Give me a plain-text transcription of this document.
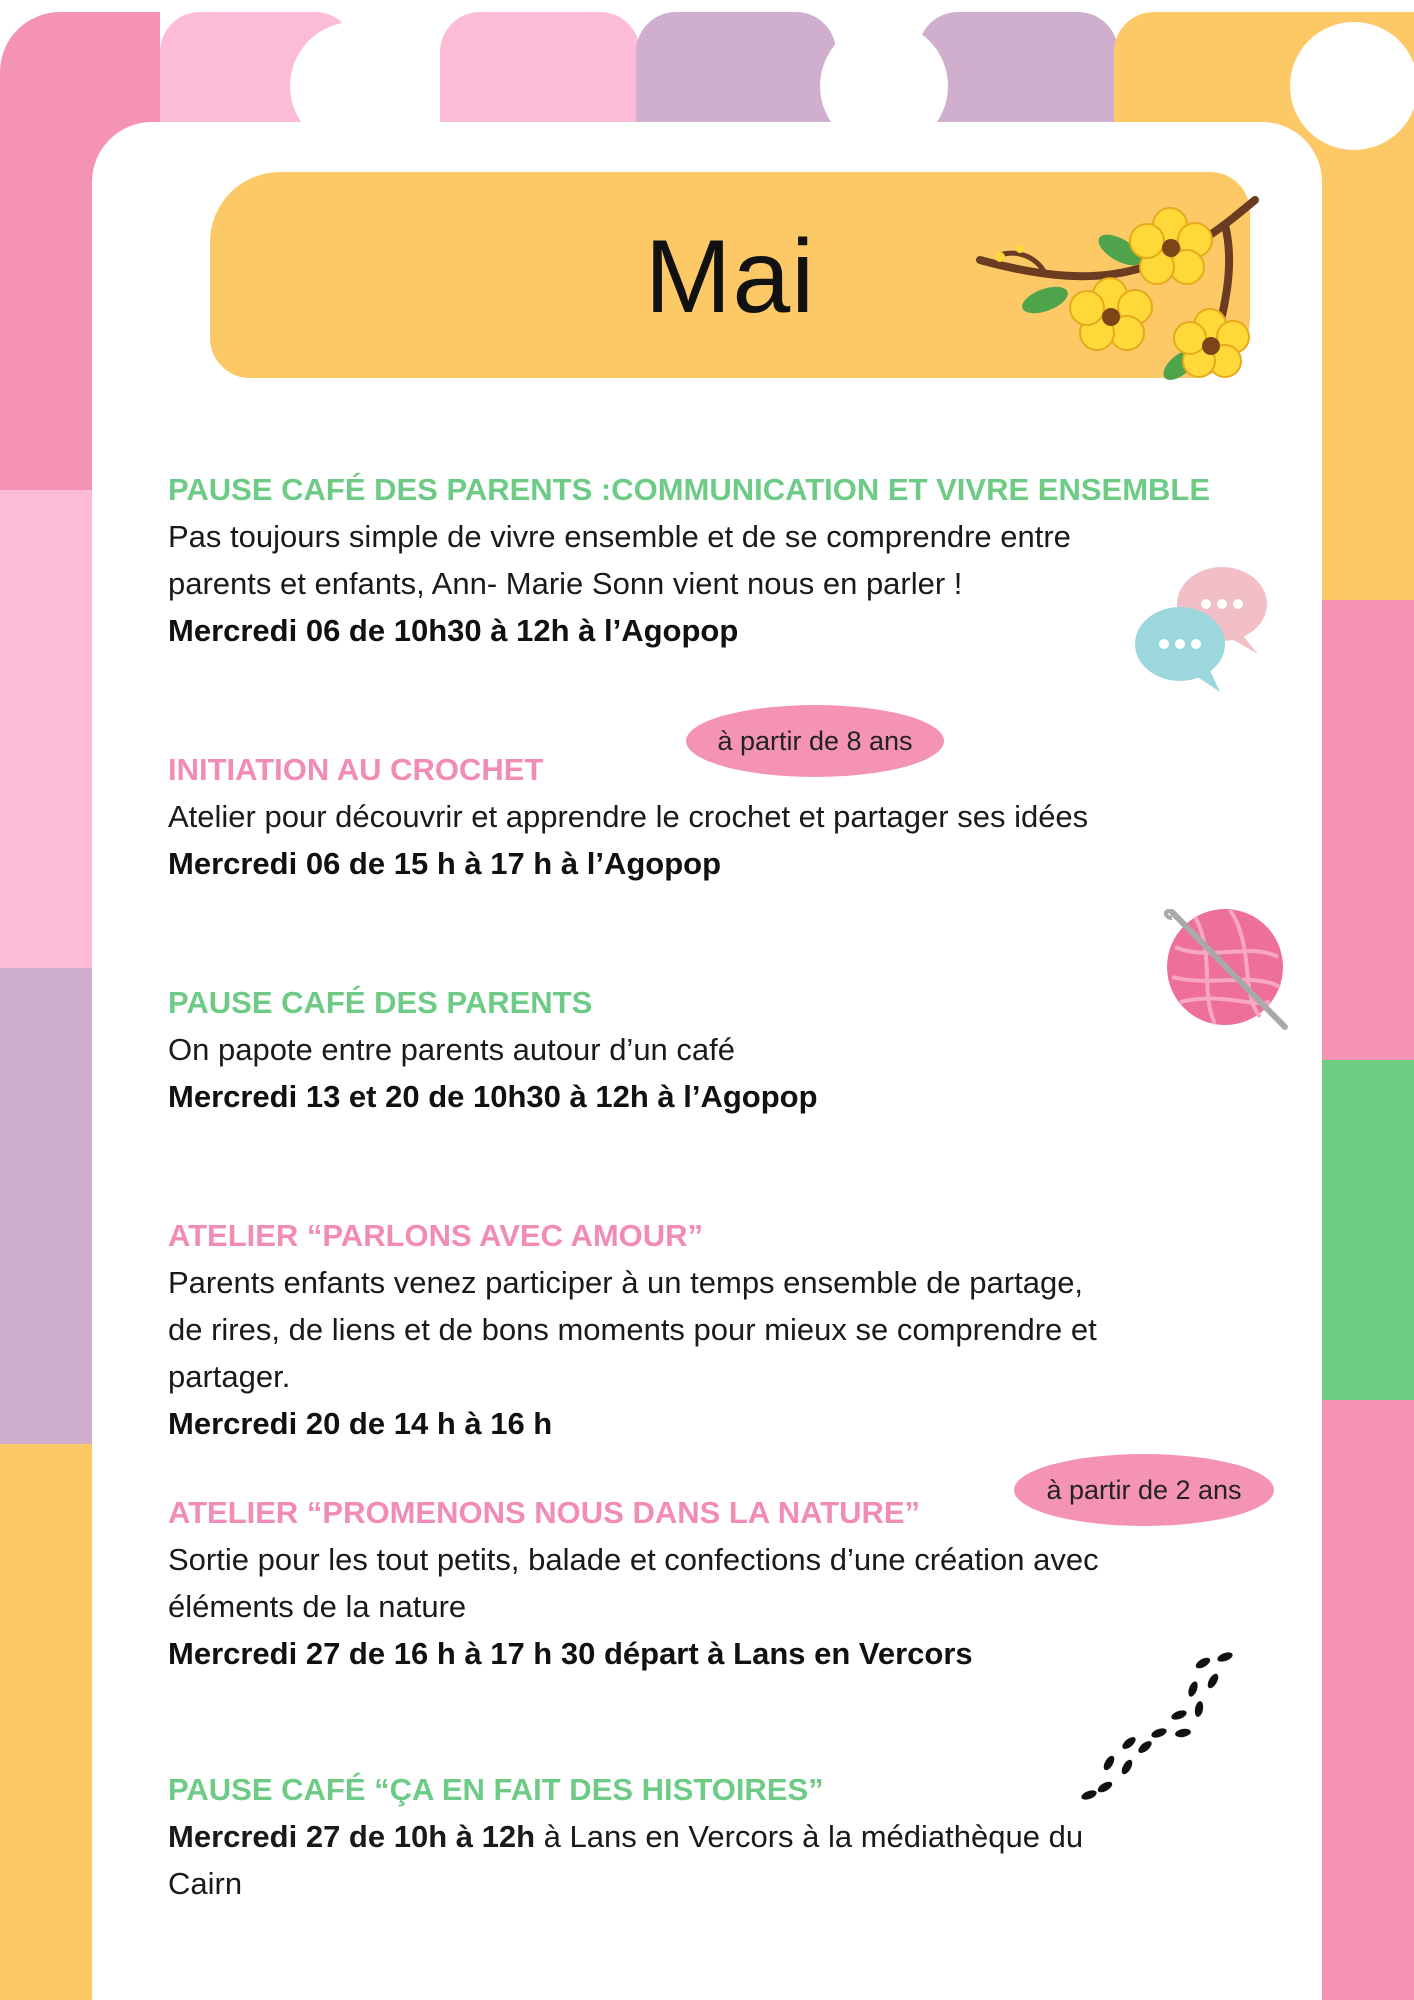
Mai
PAUSE CAFÉ DES PARENTS :COMMUNICATION ET VIVRE ENSEMBLE
Pas toujours simple de vivre ensemble et de se comprendre entre
parents et enfants, Ann- Marie Sonn vient nous en parler !
Mercredi 06 de 10h30 à 12h à l’Agopop
à partir de 8 ans
INITIATION AU CROCHET
Atelier pour découvrir et apprendre le crochet et partager ses idées
Mercredi 06 de 15 h à 17 h à l’Agopop
PAUSE CAFÉ DES PARENTS
On papote entre parents autour d’un café
Mercredi 13 et 20 de 10h30 à 12h à l’Agopop
ATELIER “PARLONS AVEC AMOUR”
Parents enfants venez participer à un temps ensemble de partage,
de rires, de liens et de bons moments pour mieux se comprendre et
partager.
Mercredi 20 de 14 h à 16 h
à partir de 2 ans
ATELIER “PROMENONS NOUS DANS LA NATURE”
Sortie pour les tout petits, balade et confections d’une création avec
éléments de la nature
Mercredi 27 de 16 h à 17 h 30 départ à Lans en Vercors
PAUSE CAFÉ “ÇA EN FAIT DES HISTOIRES”
Mercredi 27 de 10h à 12h à Lans en Vercors à la médiathèque du
Cairn
